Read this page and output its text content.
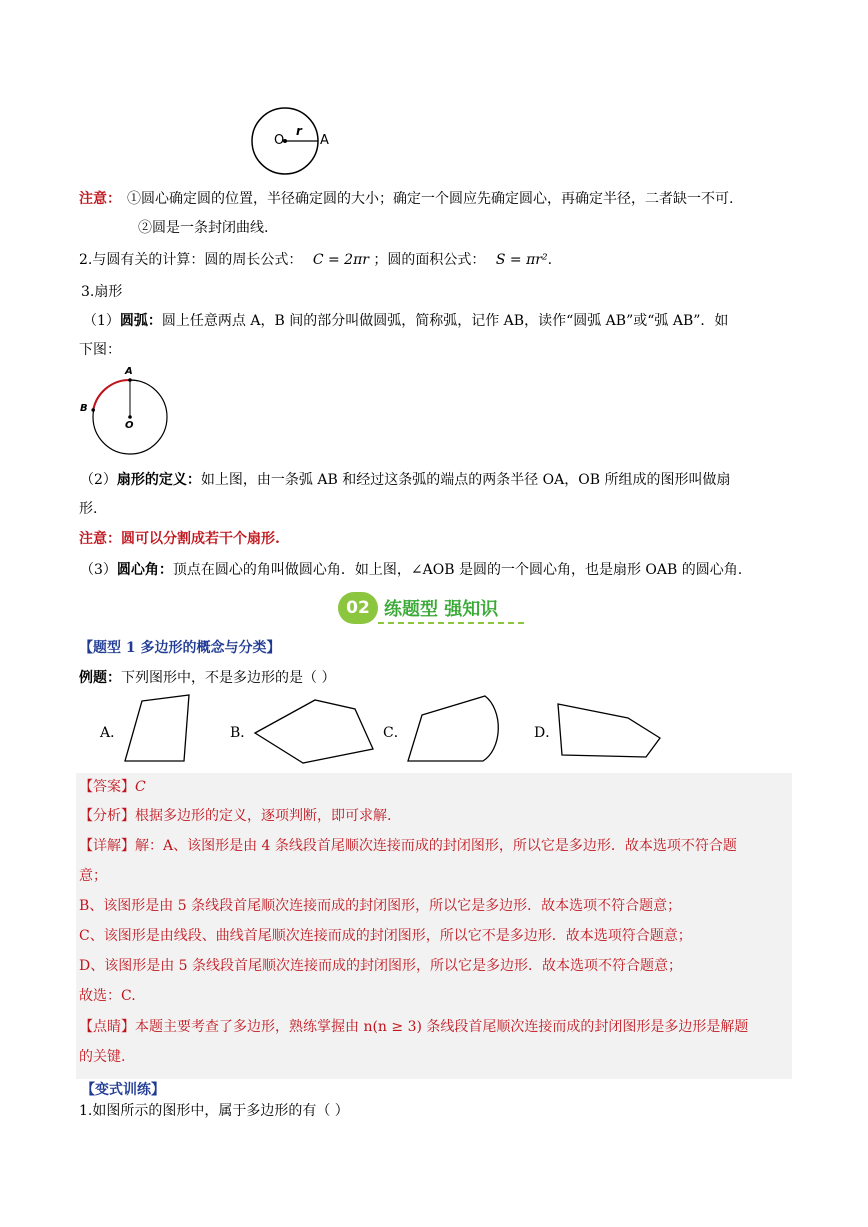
O
r
A
注意： ①圆心确定圆的位置，半径确定圆的大小；确定一个圆应先确定圆心，再确定半径，二者缺一不可.
②圆是一条封闭曲线.
2.与圆有关的计算：圆的周长公式： C = 2πr ；圆的面积公式： S = πr².
3.扇形
（1）圆弧：圆上任意两点 A，B 间的部分叫做圆弧，简称弧，记作 AB，读作“圆弧 AB”或“弧 AB”．如
下图：
A
B
O
（2）扇形的定义：如上图，由一条弧 AB 和经过这条弧的端点的两条半径 OA，OB 所组成的图形叫做扇
形.
注意：圆可以分割成若干个扇形.
（3）圆心角：顶点在圆心的角叫做圆心角．如上图，∠AOB 是圆的一个圆心角，也是扇形 OAB 的圆心角.
02 练题型 强知识
【题型 1 多边形的概念与分类】
例题：下列图形中，不是多边形的是（ ）
A．	B．	C．	D．
【答案】C
【分析】根据多边形的定义，逐项判断，即可求解.
【详解】解：A、该图形是由 4 条线段首尾顺次连接而成的封闭图形，所以它是多边形．故本选项不符合题
意；
B、该图形是由 5 条线段首尾顺次连接而成的封闭图形，所以它是多边形．故本选项不符合题意；
C、该图形是由线段、曲线首尾顺次连接而成的封闭图形，所以它不是多边形．故本选项符合题意；
D、该图形是由 5 条线段首尾顺次连接而成的封闭图形，所以它是多边形．故本选项不符合题意；
故选：C.
【点睛】本题主要考查了多边形，熟练掌握由 n(n ≥ 3) 条线段首尾顺次连接而成的封闭图形是多边形是解题
的关键.
【变式训练】
1.如图所示的图形中，属于多边形的有（ ）
